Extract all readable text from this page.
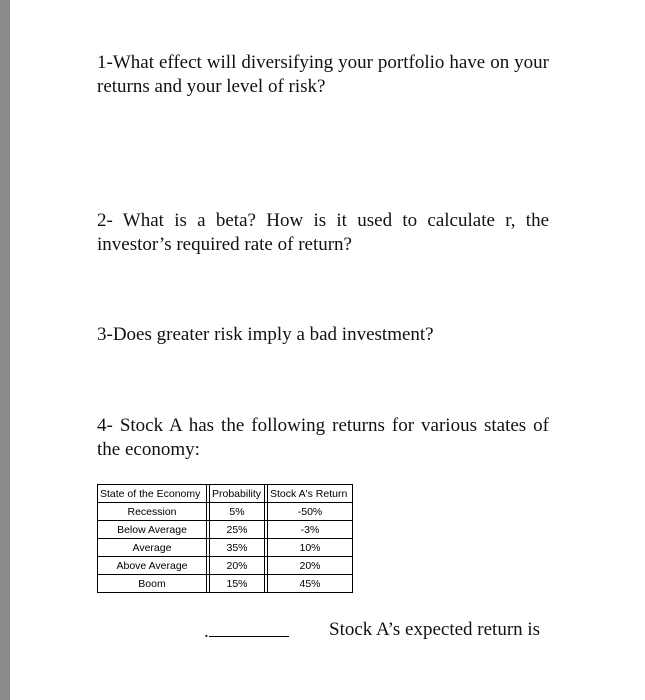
1-What effect will diversifying your portfolio have on your returns and your level of risk?
2- What is a beta? How is it used to calculate r, the investor’s required rate of return?
3-Does greater risk imply a bad investment?
4- Stock A has the following returns for various states of the economy:
State of the Economy		Probability		Stock A's Return
Recession		5%		-50%
Below Average		25%		-3%
Average		35%		10%
Above Average		20%		20%
Boom		15%		45%
.	Stock A’s expected return is
